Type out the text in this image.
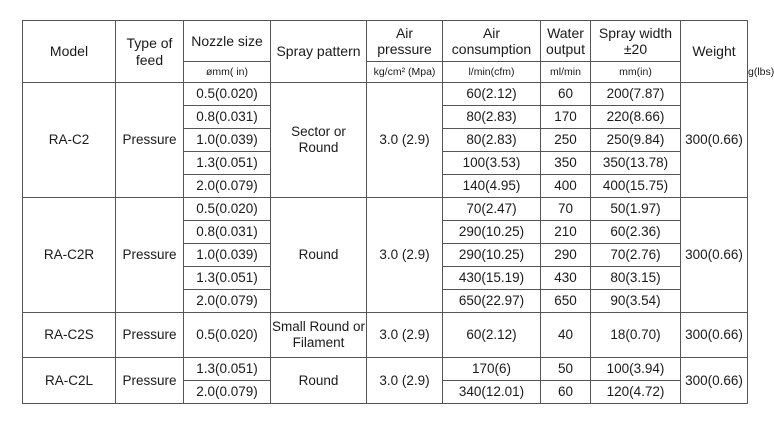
Model	Type of feed	Nozzle size	Spray pattern	Air pressure	Air consumption	Water output	Spray width ±20	Weight	
		ømm( in)		kg/cm² (Mpa)	l/min(cfm)	ml/min	mm(in)		g(lbs)
RA-C2	Pressure	0.5(0.020)	Sector or Round	3.0 (2.9)	60(2.12)	60	200(7.87)	300(0.66)	
		0.8(0.031)			80(2.83)	170	220(8.66)		
		1.0(0.039)			80(2.83)	250	250(9.84)		
		1.3(0.051)			100(3.53)	350	350(13.78)		
		2.0(0.079)			140(4.95)	400	400(15.75)		
RA-C2R	Pressure	0.5(0.020)	Round	3.0 (2.9)	70(2.47)	70	50(1.97)	300(0.66)	
		0.8(0.031)			290(10.25)	210	60(2.36)		
		1.0(0.039)			290(10.25)	290	70(2.76)		
		1.3(0.051)			430(15.19)	430	80(3.15)		
		2.0(0.079)			650(22.97)	650	90(3.54)		
RA-C2S	Pressure	0.5(0.020)	Small Round or Filament	3.0 (2.9)	60(2.12)	40	18(0.70)	300(0.66)	
RA-C2L	Pressure	1.3(0.051)	Round	3.0 (2.9)	170(6)	50	100(3.94)	300(0.66)	
		2.0(0.079)			340(12.01)	60	120(4.72)		
